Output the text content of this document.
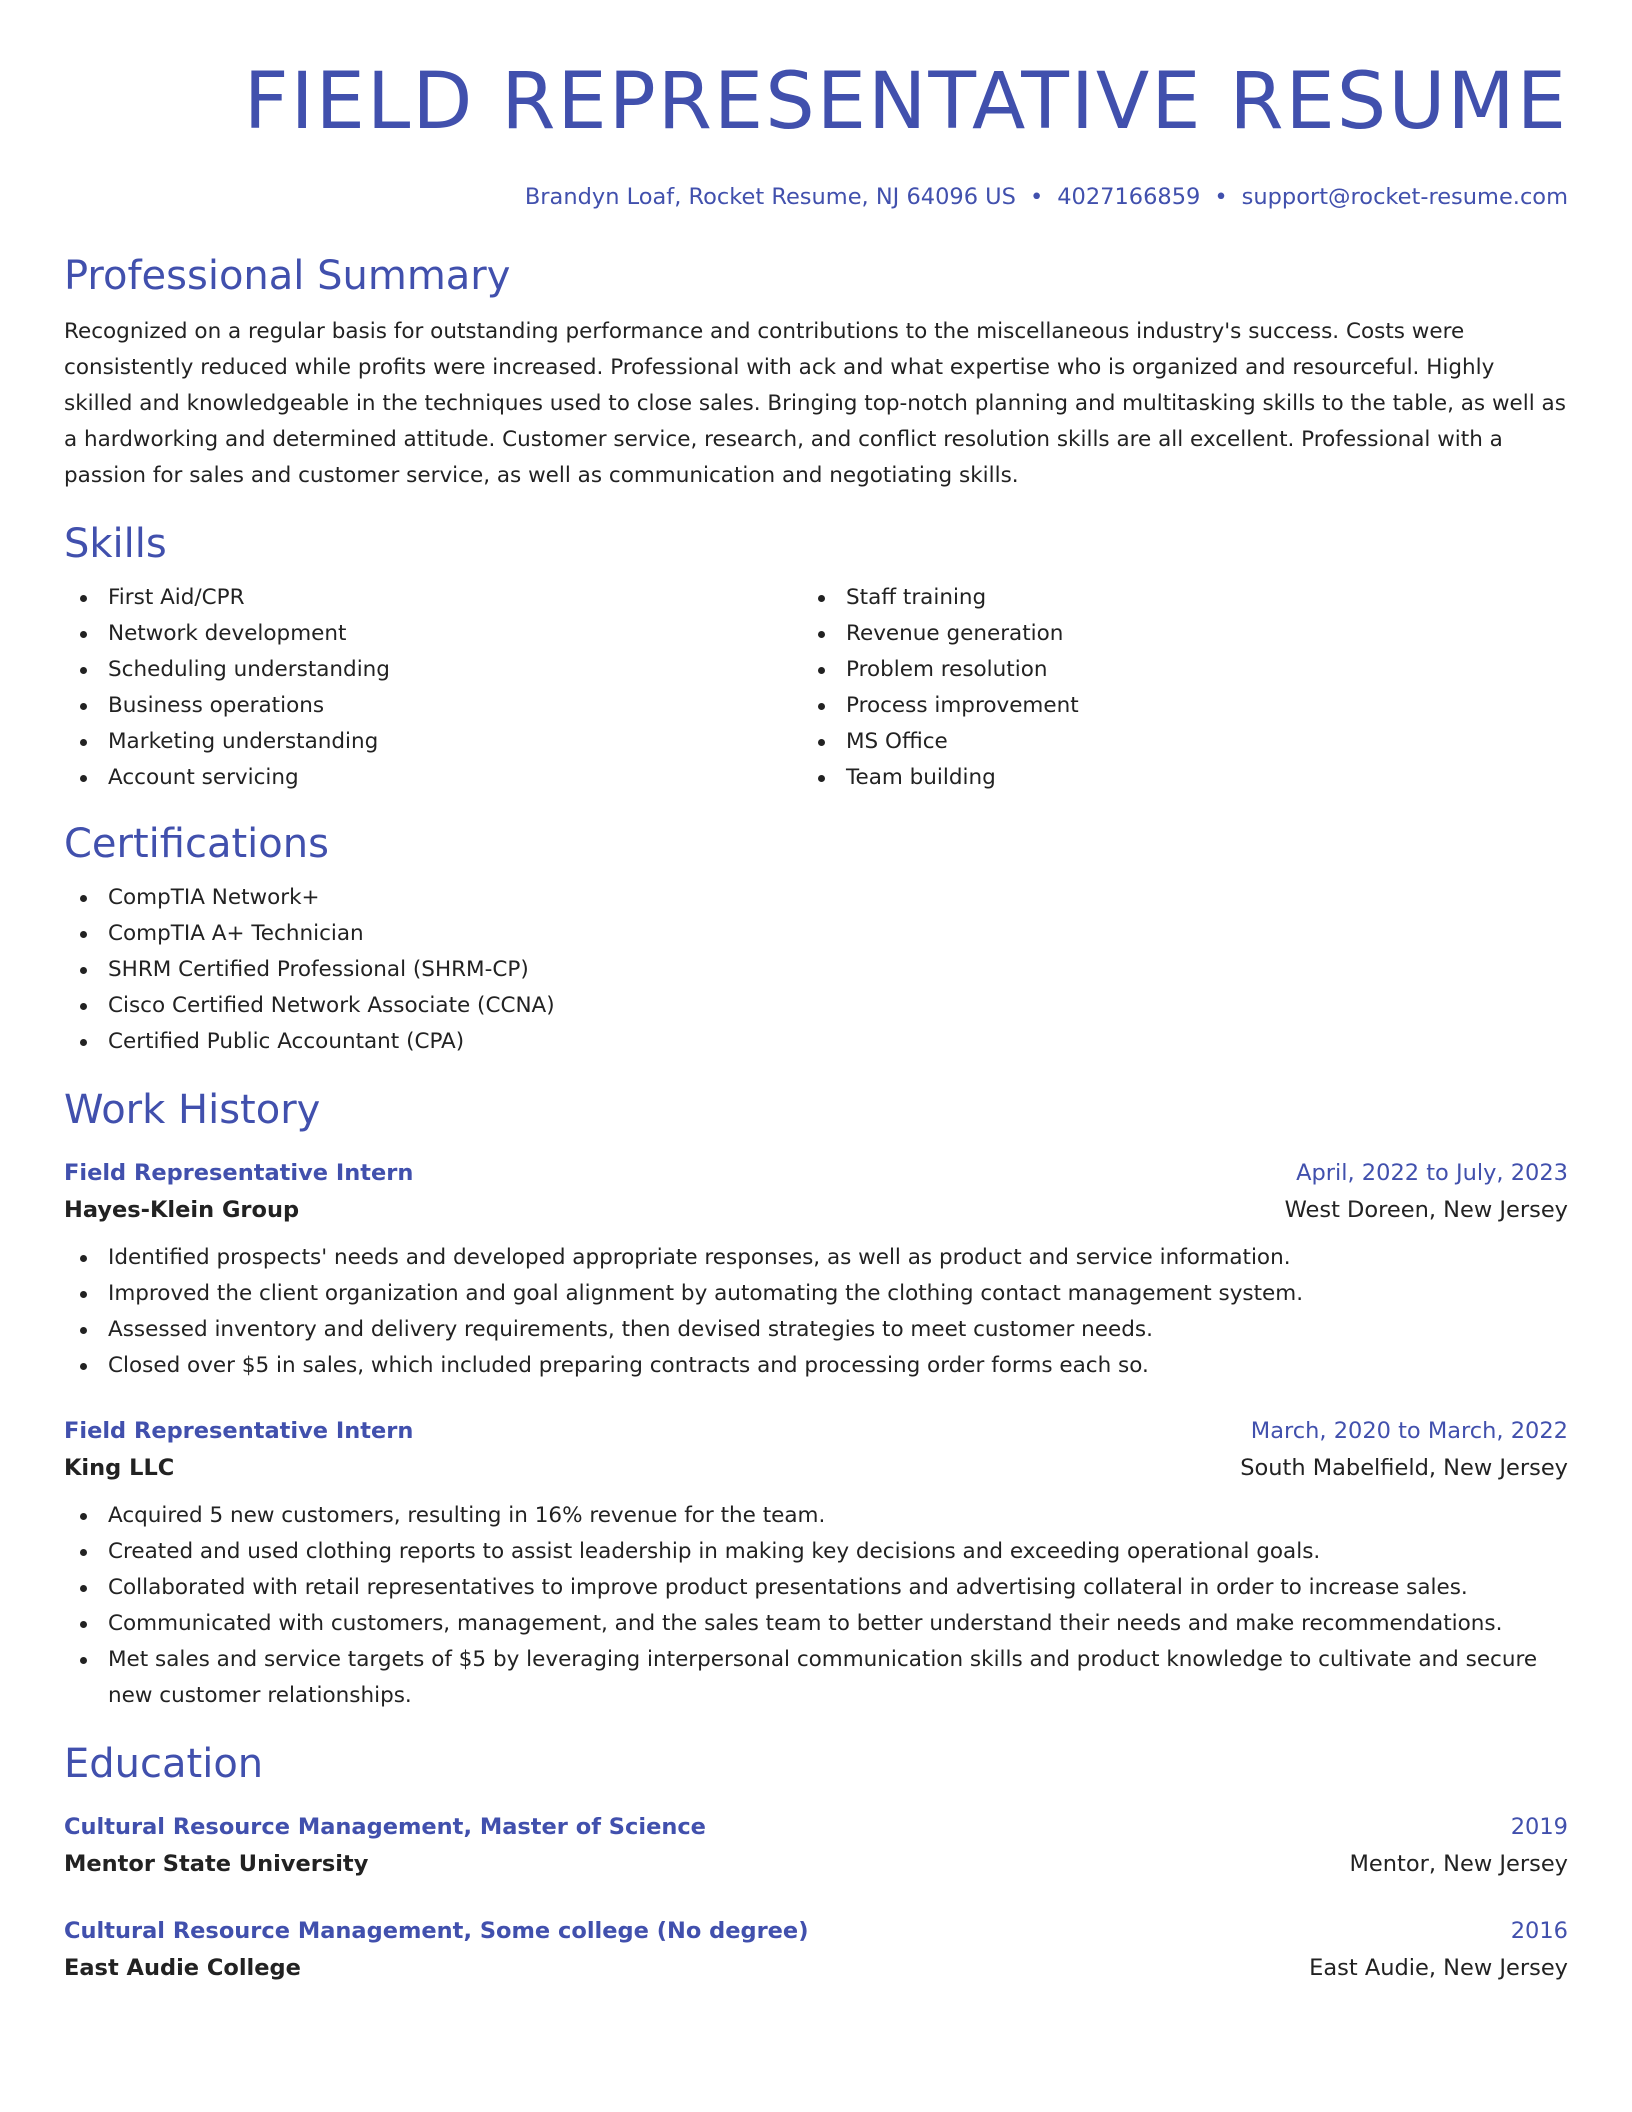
FIELD REPRESENTATIVE RESUME
Brandyn Loaf, Rocket Resume, NJ 64096 US • 4027166859 • support@rocket-resume.com
Professional Summary

Recognized on a regular basis for outstanding performance and contributions to the miscellaneous industry's success. Costs were consistently reduced while profits were increased. Professional with ack and what expertise who is organized and resourceful. Highly skilled and knowledgeable in the techniques used to close sales. Bringing top-notch planning and multitasking skills to the table, as well as a hardworking and determined attitude. Customer service, research, and conflict resolution skills are all excellent. Professional with a passion for sales and customer service, as well as communication and negotiating skills.

Skills
First Aid/CPR
Network development
Scheduling understanding
Business operations
Marketing understanding
Account servicing
Staff training
Revenue generation
Problem resolution
Process improvement
MS Office
Team building
Certifications
CompTIA Network+
CompTIA A+ Technician
SHRM Certified Professional (SHRM-CP)
Cisco Certified Network Associate (CCNA)
Certified Public Accountant (CPA)
Work History
Field Representative Intern	April, 2022 to July, 2023
Hayes-Klein Group	West Doreen, New Jersey
Identified prospects' needs and developed appropriate responses, as well as product and service information.
Improved the client organization and goal alignment by automating the clothing contact management system.
Assessed inventory and delivery requirements, then devised strategies to meet customer needs.
Closed over $5 in sales, which included preparing contracts and processing order forms each so.
Field Representative Intern	March, 2020 to March, 2022
King LLC	South Mabelfield, New Jersey
Acquired 5 new customers, resulting in 16% revenue for the team.
Created and used clothing reports to assist leadership in making key decisions and exceeding operational goals.
Collaborated with retail representatives to improve product presentations and advertising collateral in order to increase sales.
Communicated with customers, management, and the sales team to better understand their needs and make recommendations.
Met sales and service targets of $5 by leveraging interpersonal communication skills and product knowledge to cultivate and secure new customer relationships.
Education
Cultural Resource Management, Master of Science	2019
Mentor State University	Mentor, New Jersey
Cultural Resource Management, Some college (No degree)	2016
East Audie College	East Audie, New Jersey
